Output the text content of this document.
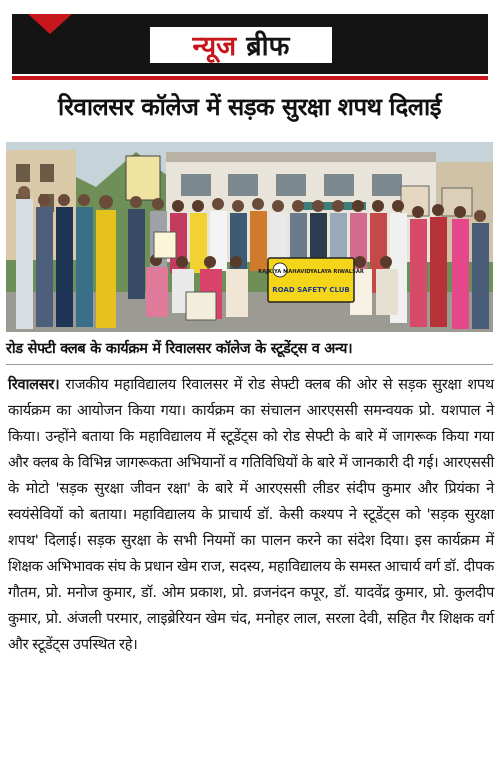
न्यूज ब्रीफ
रिवालसर कॉलेज में सड़क सुरक्षा शपथ दिलाई
RAJKIYA MAHAVIDYALAYA RIWALSAR
ROAD SAFETY CLUB

रोड सेफ्टी क्लब के कार्यक्रम में रिवालसर कॉलेज के स्टूडेंट्स व अन्य।

रिवालसर। राजकीय महाविद्यालय रिवालसर में रोड सेफ्टी क्लब की ओर से सड़क सुरक्षा शपथ कार्यक्रम का आयोजन किया गया। कार्यक्रम का संचालन आरएससी समन्वयक प्रो. यशपाल ने किया। उन्होंने बताया कि महाविद्यालय में स्टूडेंट्स को रोड सेफ्टी के बारे में जागरूक किया गया और क्लब के विभिन्न जागरूकता अभियानों व गतिविधियों के बारे में जानकारी दी गई। आरएससी के मोटो 'सड़क सुरक्षा जीवन रक्षा' के बारे में आरएससी लीडर संदीप कुमार और प्रियंका ने स्वयंसेवियों को बताया। महाविद्यालय के प्राचार्य डॉ. केसी कश्यप ने स्टूडेंट्स को 'सड़क सुरक्षा शपथ' दिलाई। सड़क सुरक्षा के सभी नियमों का पालन करने का संदेश दिया। इस कार्यक्रम में शिक्षक अभिभावक संघ के प्रधान खेम राज, सदस्य, महाविद्यालय के समस्त आचार्य वर्ग डॉ. दीपक गौतम, प्रो. मनोज कुमार, डॉ. ओम प्रकाश, प्रो. व्रजनंदन कपूर, डॉ. यादवेंद्र कुमार, प्रो. कुलदीप कुमार, प्रो. अंजली परमार, लाइब्रेरियन खेम चंद, मनोहर लाल, सरला देवी, सहित गैर शिक्षक वर्ग और स्टूडेंट्स उपस्थित रहे।
